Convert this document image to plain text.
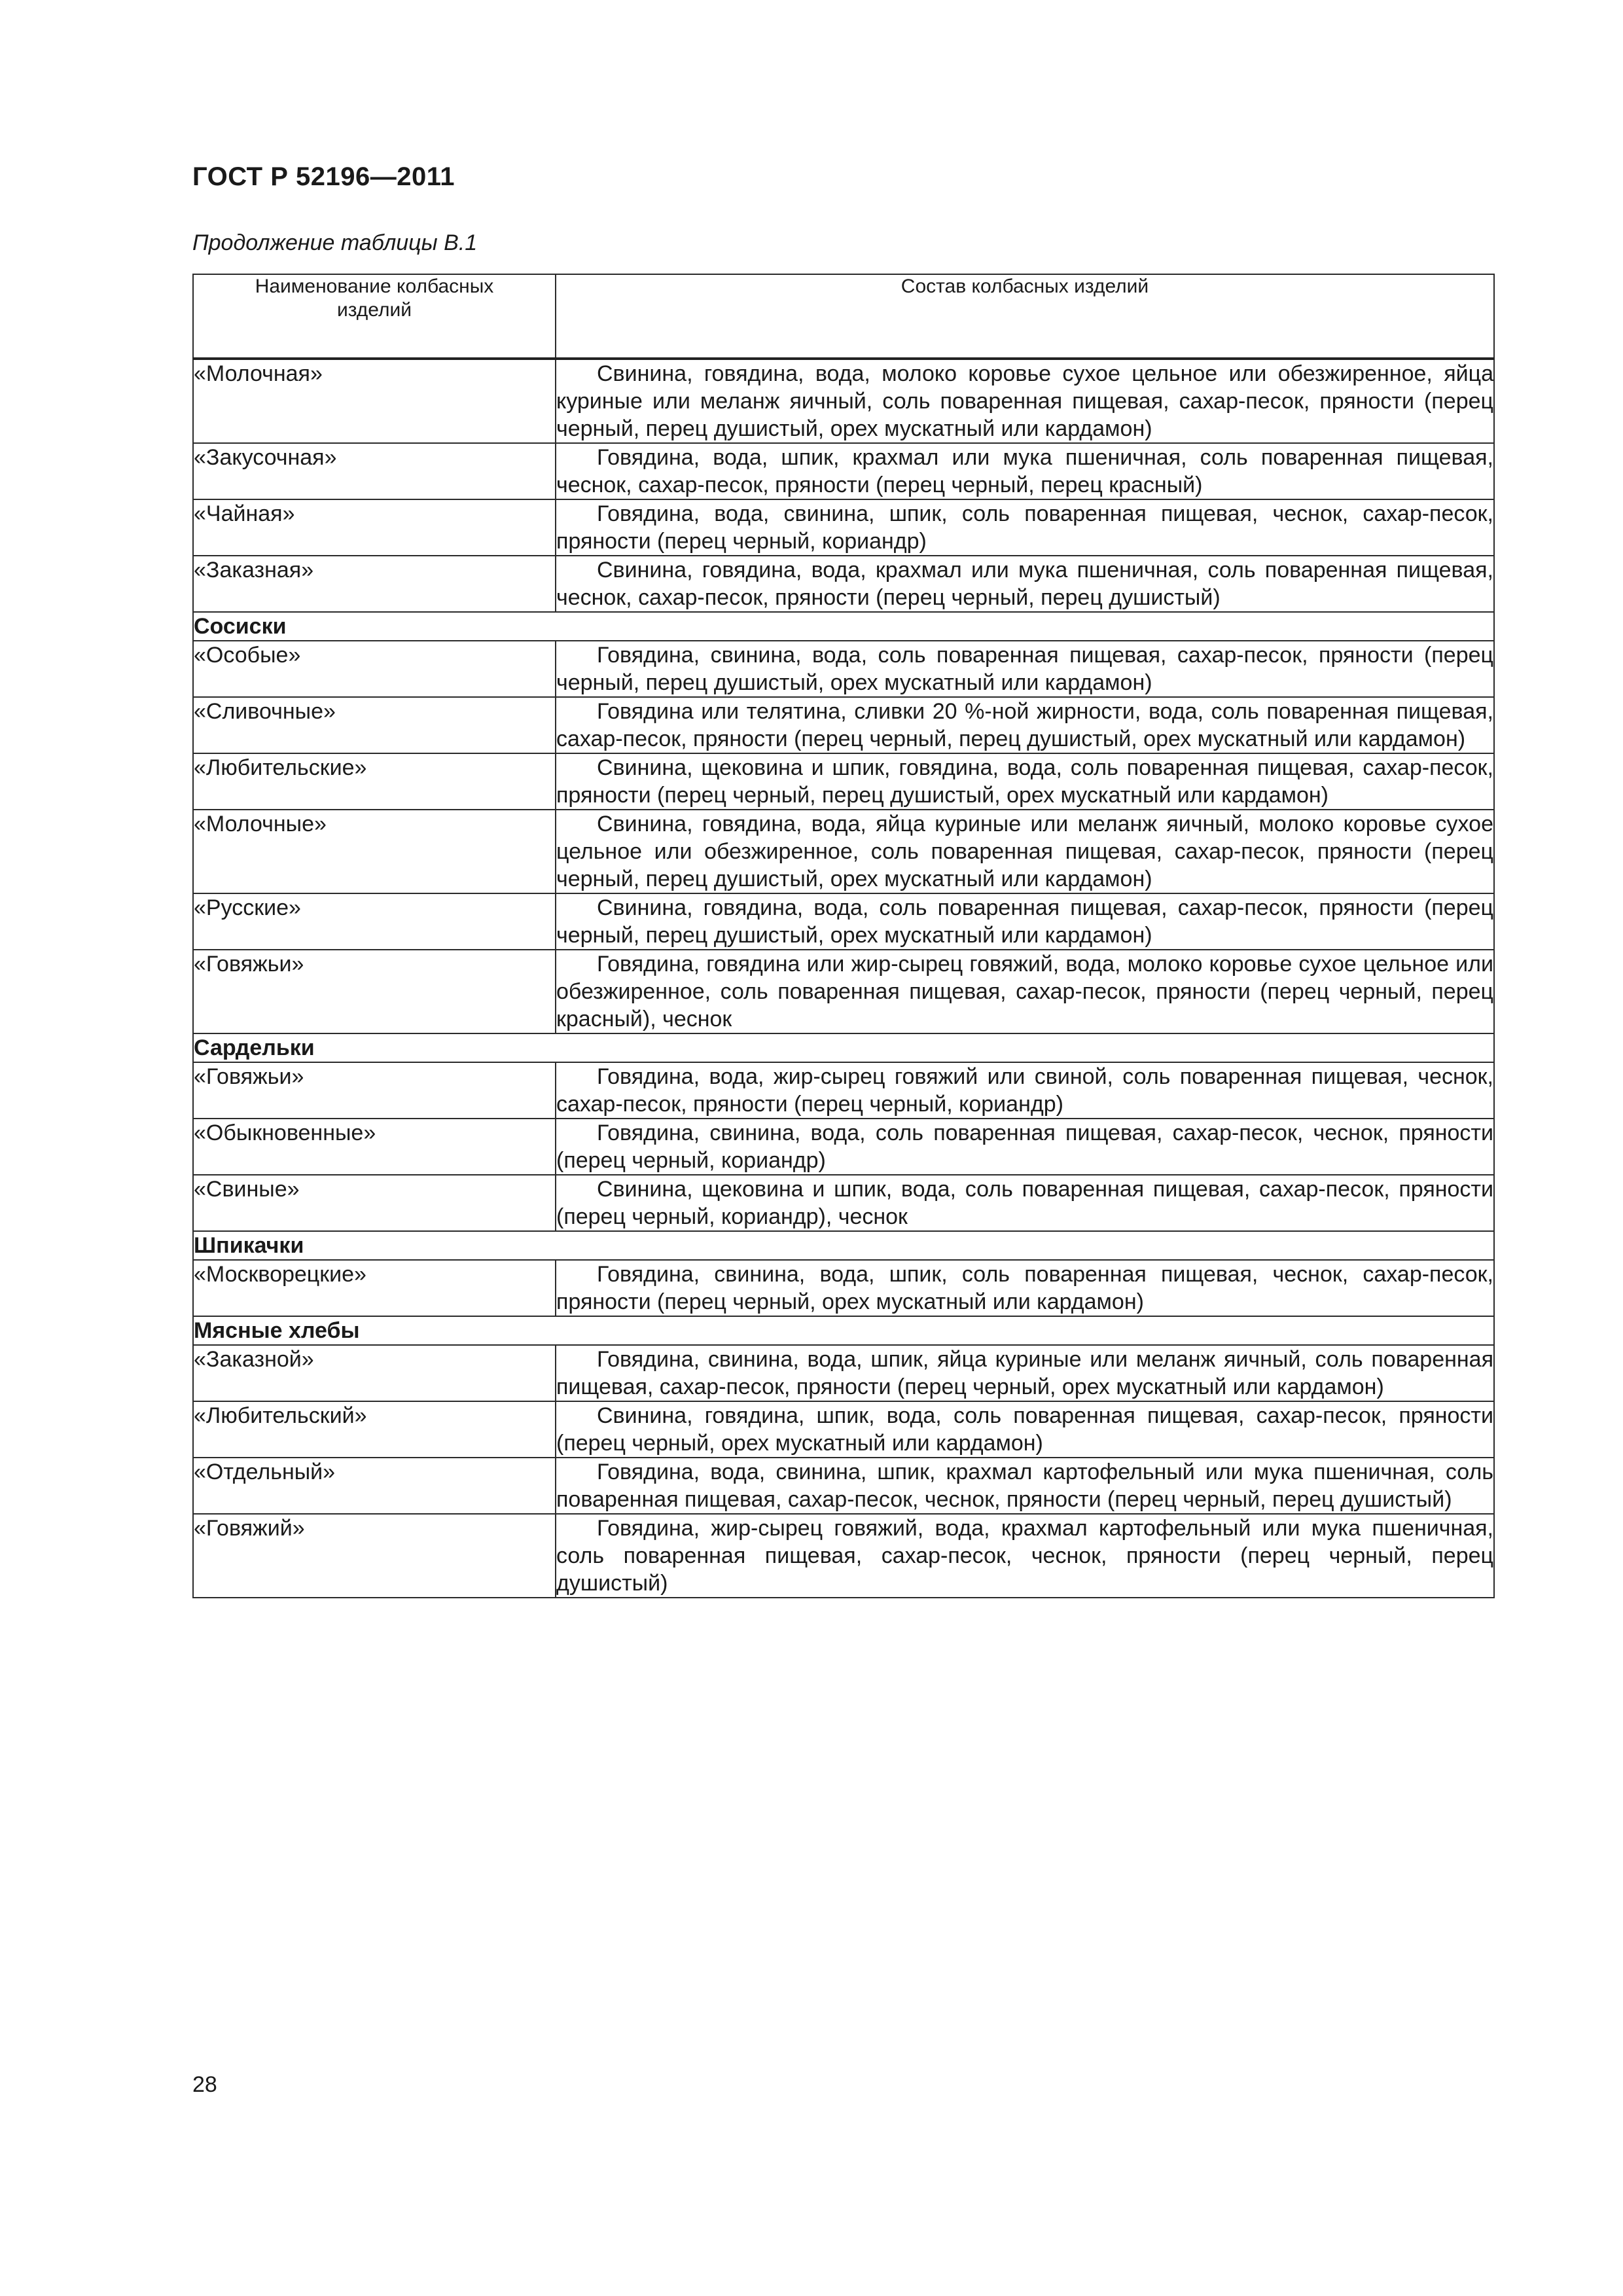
ГОСТ Р 52196—2011
Продолжение таблицы В.1
Наименование колбасных изделий	Состав колбасных изделий
«Молочная»	Свинина, говядина, вода, молоко коровье сухое цельное или обезжиренное, яйца куриные или меланж яичный, соль поваренная пищевая, сахар-песок, пряности (перец черный, перец душистый, орех мускатный или кардамон)
«Закусочная»	Говядина, вода, шпик, крахмал или мука пшеничная, соль поваренная пищевая, чеснок, сахар-песок, пряности (перец черный, перец красный)
«Чайная»	Говядина, вода, свинина, шпик, соль поваренная пищевая, чеснок, сахар-песок, пряности (перец черный, кориандр)
«Заказная»	Свинина, говядина, вода, крахмал или мука пшеничная, соль поваренная пищевая, чеснок, сахар-песок, пряности (перец черный, перец душистый)
Сосиски	
«Особые»	Говядина, свинина, вода, соль поваренная пищевая, сахар-песок, пряности (перец черный, перец душистый, орех мускатный или кардамон)
«Сливочные»	Говядина или телятина, сливки 20 %-ной жирности, вода, соль поваренная пищевая, сахар-песок, пряности (перец черный, перец душистый, орех мускатный или кардамон)
«Любительские»	Свинина, щековина и шпик, говядина, вода, соль поваренная пищевая, сахар-песок, пряности (перец черный, перец душистый, орех мускатный или кардамон)
«Молочные»	Свинина, говядина, вода, яйца куриные или меланж яичный, молоко коровье сухое цельное или обезжиренное, соль поваренная пищевая, сахар-песок, пряности (перец черный, перец душистый, орех мускатный или кардамон)
«Русские»	Свинина, говядина, вода, соль поваренная пищевая, сахар-песок, пряности (перец черный, перец душистый, орех мускатный или кардамон)
«Говяжьи»	Говядина, говядина или жир-сырец говяжий, вода, молоко коровье сухое цельное или обезжиренное, соль поваренная пищевая, сахар-песок, пряности (перец черный, перец красный), чеснок
Сардельки	
«Говяжьи»	Говядина, вода, жир-сырец говяжий или свиной, соль поваренная пищевая, чеснок, сахар-песок, пряности (перец черный, кориандр)
«Обыкновенные»	Говядина, свинина, вода, соль поваренная пищевая, сахар-песок, чеснок, пряности (перец черный, кориандр)
«Свиные»	Свинина, щековина и шпик, вода, соль поваренная пищевая, сахар-песок, пряности (перец черный, кориандр), чеснок
Шпикачки	
«Москворецкие»	Говядина, свинина, вода, шпик, соль поваренная пищевая, чеснок, сахар-песок, пряности (перец черный, орех мускатный или кардамон)
Мясные хлебы	
«Заказной»	Говядина, свинина, вода, шпик, яйца куриные или меланж яичный, соль поваренная пищевая, сахар-песок, пряности (перец черный, орех мускатный или кардамон)
«Любительский»	Свинина, говядина, шпик, вода, соль поваренная пищевая, сахар-песок, пряности (перец черный, орех мускатный или кардамон)
«Отдельный»	Говядина, вода, свинина, шпик, крахмал картофельный или мука пшеничная, соль поваренная пищевая, сахар-песок, чеснок, пряности (перец черный, перец душистый)
«Говяжий»	Говядина, жир-сырец говяжий, вода, крахмал картофельный или мука пшеничная, соль поваренная пищевая, сахар-песок, чеснок, пряности (перец черный, перец душистый)
28
